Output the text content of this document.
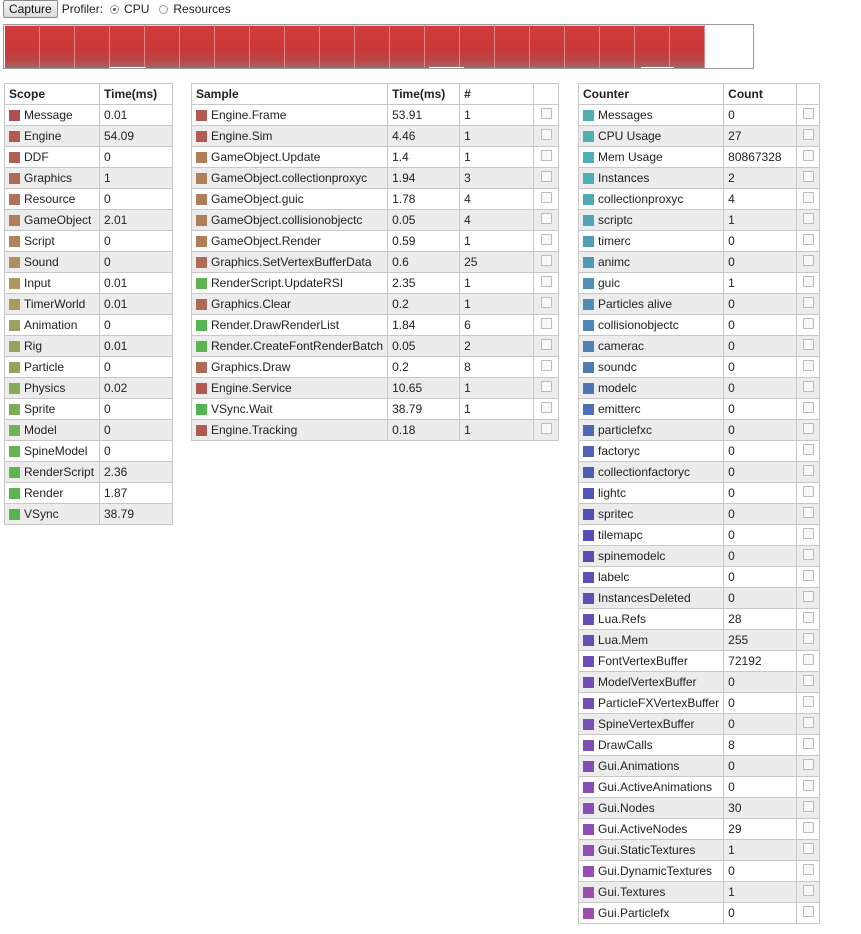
Capture Profiler: CPU Resources
Scope	Time(ms)
Message	0.01
Engine	54.09
DDF	0
Graphics	1
Resource	0
GameObject	2.01
Script	0
Sound	0
Input	0.01
TimerWorld	0.01
Animation	0
Rig	0.01
Particle	0
Physics	0.02
Sprite	0
Model	0
SpineModel	0
RenderScript	2.36
Render	1.87
VSync	38.79
Sample	Time(ms)	#	
Engine.Frame	53.91	1	
Engine.Sim	4.46	1	
GameObject.Update	1.4	1	
GameObject.collectionproxyc	1.94	3	
GameObject.guic	1.78	4	
GameObject.collisionobjectc	0.05	4	
GameObject.Render	0.59	1	
Graphics.SetVertexBufferData	0.6	25	
RenderScript.UpdateRSI	2.35	1	
Graphics.Clear	0.2	1	
Render.DrawRenderList	1.84	6	
Render.CreateFontRenderBatch	0.05	2	
Graphics.Draw	0.2	8	
Engine.Service	10.65	1	
VSync.Wait	38.79	1	
Engine.Tracking	0.18	1	
Counter	Count	
Messages	0	
CPU Usage	27	
Mem Usage	80867328	
Instances	2	
collectionproxyc	4	
scriptc	1	
timerc	0	
animc	0	
guic	1	
Particles alive	0	
collisionobjectc	0	
camerac	0	
soundc	0	
modelc	0	
emitterc	0	
particlefxc	0	
factoryc	0	
collectionfactoryc	0	
lightc	0	
spritec	0	
tilemapc	0	
spinemodelc	0	
labelc	0	
InstancesDeleted	0	
Lua.Refs	28	
Lua.Mem	255	
FontVertexBuffer	72192	
ModelVertexBuffer	0	
ParticleFXVertexBuffer	0	
SpineVertexBuffer	0	
DrawCalls	8	
Gui.Animations	0	
Gui.ActiveAnimations	0	
Gui.Nodes	30	
Gui.ActiveNodes	29	
Gui.StaticTextures	1	
Gui.DynamicTextures	0	
Gui.Textures	1	
Gui.Particlefx	0	
